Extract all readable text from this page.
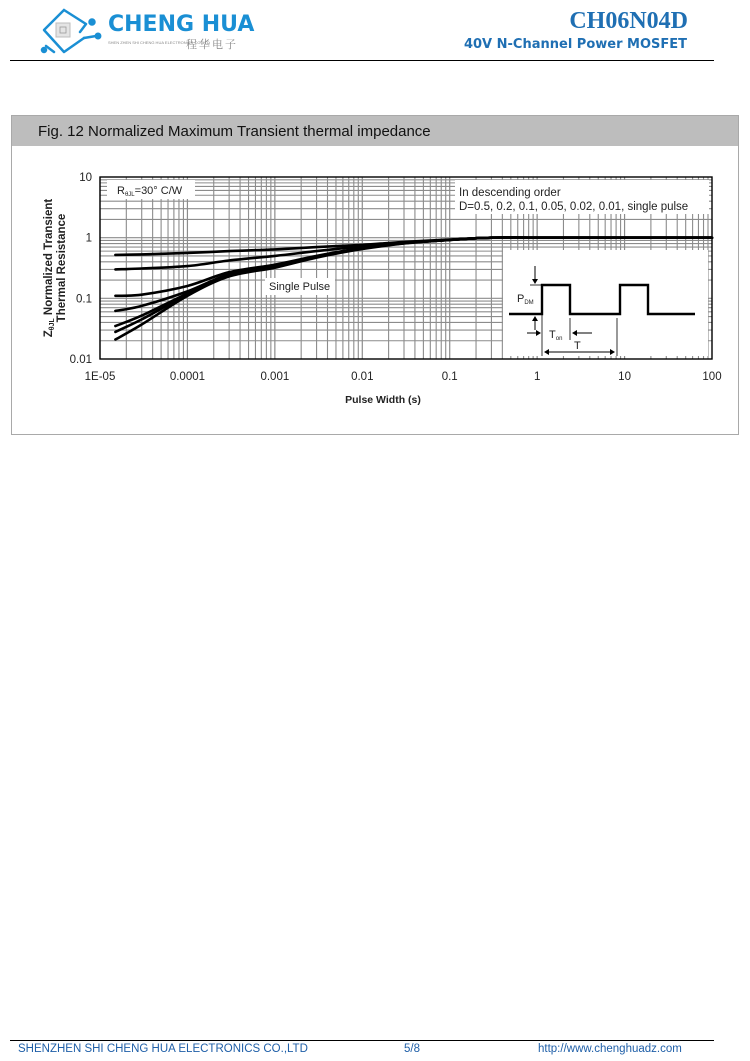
CHENG HUA
SHEN ZHEN SHI CHENG HUA ELECTRONICS CO.,LTD
程华电子
CH06N04D
40V N-Channel Power MOSFET
Fig. 12 Normalized Maximum Transient thermal impedance
RθJL=30° C/W	In descending order
D=0.5, 0.2, 0.1, 0.05, 0.02, 0.01, single pulse
Single Pulse
PDM
Ton
T
1E-05	0.0001	0.001	0.01	0.1	1	10	100
0.01
0.1
1
10
Pulse Width (s)
ZθJL Normalized Transient Thermal Resistance
SHENZHEN SHI CHENG HUA ELECTRONICS CO.,LTD	5/8	http://www.chenghuadz.com
